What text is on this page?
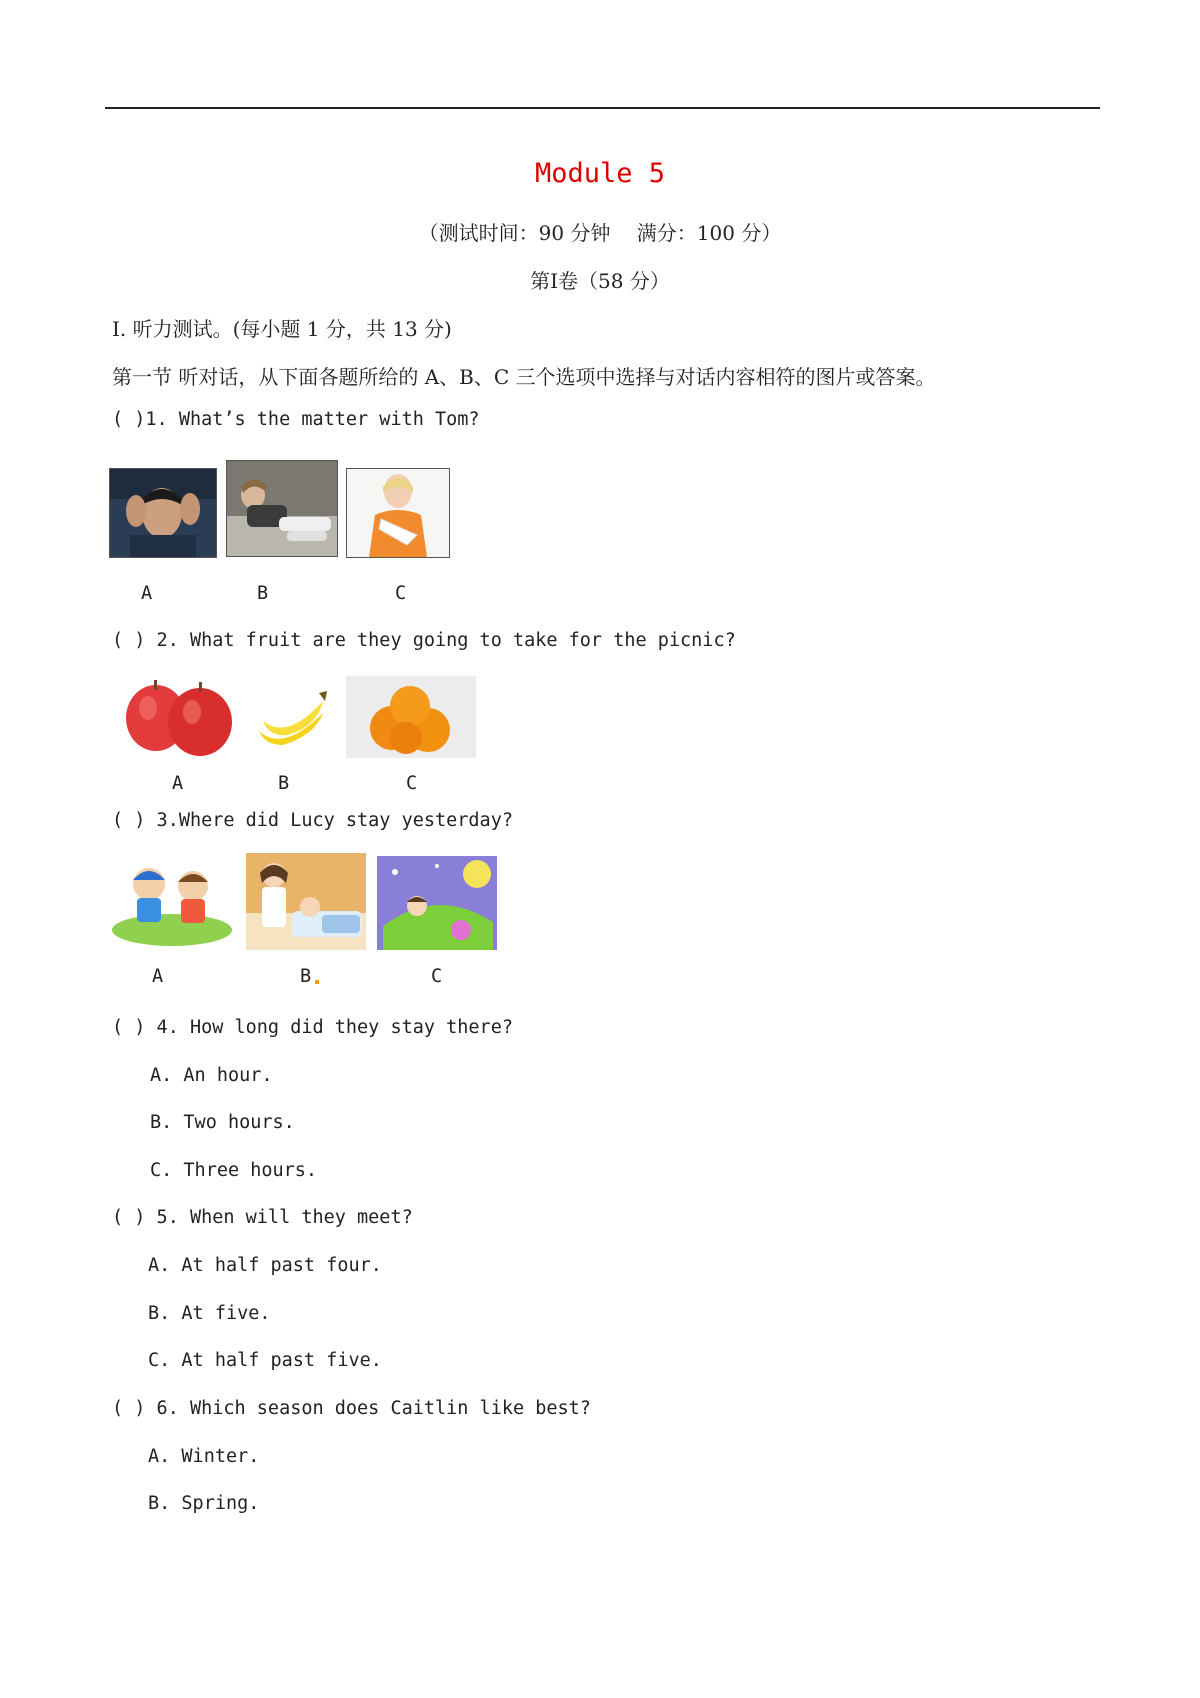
Module 5
（测试时间：90 分钟　 满分：100 分）
第Ⅰ卷（58 分）
Ⅰ. 听力测试。(每小题 1 分，共 13 分)
第一节 听对话，从下面各题所给的 A、B、C 三个选项中选择与对话内容相符的图片或答案。
( )1. What’s the matter with Tom?
A	B	C
( ) 2. What fruit are they going to take for the picnic?
A	B	C
( ) 3.Where did Lucy stay yesterday?
A	B	C
( ) 4. How long did they stay there?
A. An hour.
B. Two hours.
C. Three hours.
( ) 5. When will they meet?
A. At half past four.
B. At five.
C. At half past five.
( ) 6. Which season does Caitlin like best?
A. Winter.
B. Spring.
